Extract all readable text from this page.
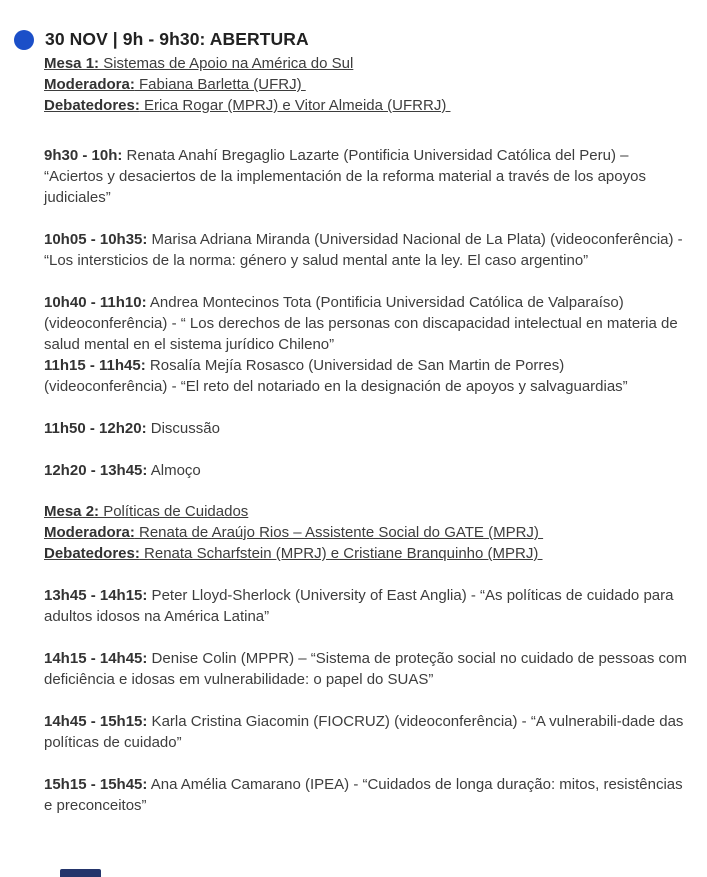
30 NOV | 9h - 9h30: ABERTURA

Mesa 1: Sistemas de Apoio na América do Sul

Moderadora: Fabiana Barletta (UFRJ)

Debatedores: Erica Rogar (MPRJ) e Vitor Almeida (UFRRJ)

9h30 - 10h: Renata Anahí Bregaglio Lazarte (Pontificia Universidad Católica del Peru) – “Aciertos y desaciertos de la implementación de la reforma material a través de los apoyos judiciales”

10h05 - 10h35: Marisa Adriana Miranda (Universidad Nacional de La Plata) (videoconferência) - “Los intersticios de la norma: género y salud mental ante la ley. El caso argentino”

10h40 - 11h10: Andrea Montecinos Tota (Pontificia Universidad Católica de Valparaíso) (videoconferência) - “ Los derechos de las personas con discapacidad intelectual en materia de salud mental en el sistema jurídico Chileno”

11h15 - 11h45: Rosalía Mejía Rosasco (Universidad de San Martin de Porres) (videoconferência) - “El reto del notariado en la designación de apoyos y salvaguardias”

11h50 - 12h20: Discussão

12h20 - 13h45: Almoço

Mesa 2: Políticas de Cuidados

Moderadora: Renata de Araújo Rios – Assistente Social do GATE (MPRJ)

Debatedores: Renata Scharfstein (MPRJ) e Cristiane Branquinho (MPRJ)

13h45 - 14h15: Peter Lloyd-Sherlock (University of East Anglia) - “As políticas de cuidado para adultos idosos na América Latina”

14h15 - 14h45: Denise Colin (MPPR) – “Sistema de proteção social no cuidado de pessoas com deficiência e idosas em vulnerabilidade: o papel do SUAS”

14h45 - 15h15: Karla Cristina Giacomin (FIOCRUZ) (videoconferência) - “A vulnerabili-dade das políticas de cuidado”

15h15 - 15h45: Ana Amélia Camarano (IPEA) - “Cuidados de longa duração: mitos, resistências e preconceitos”
